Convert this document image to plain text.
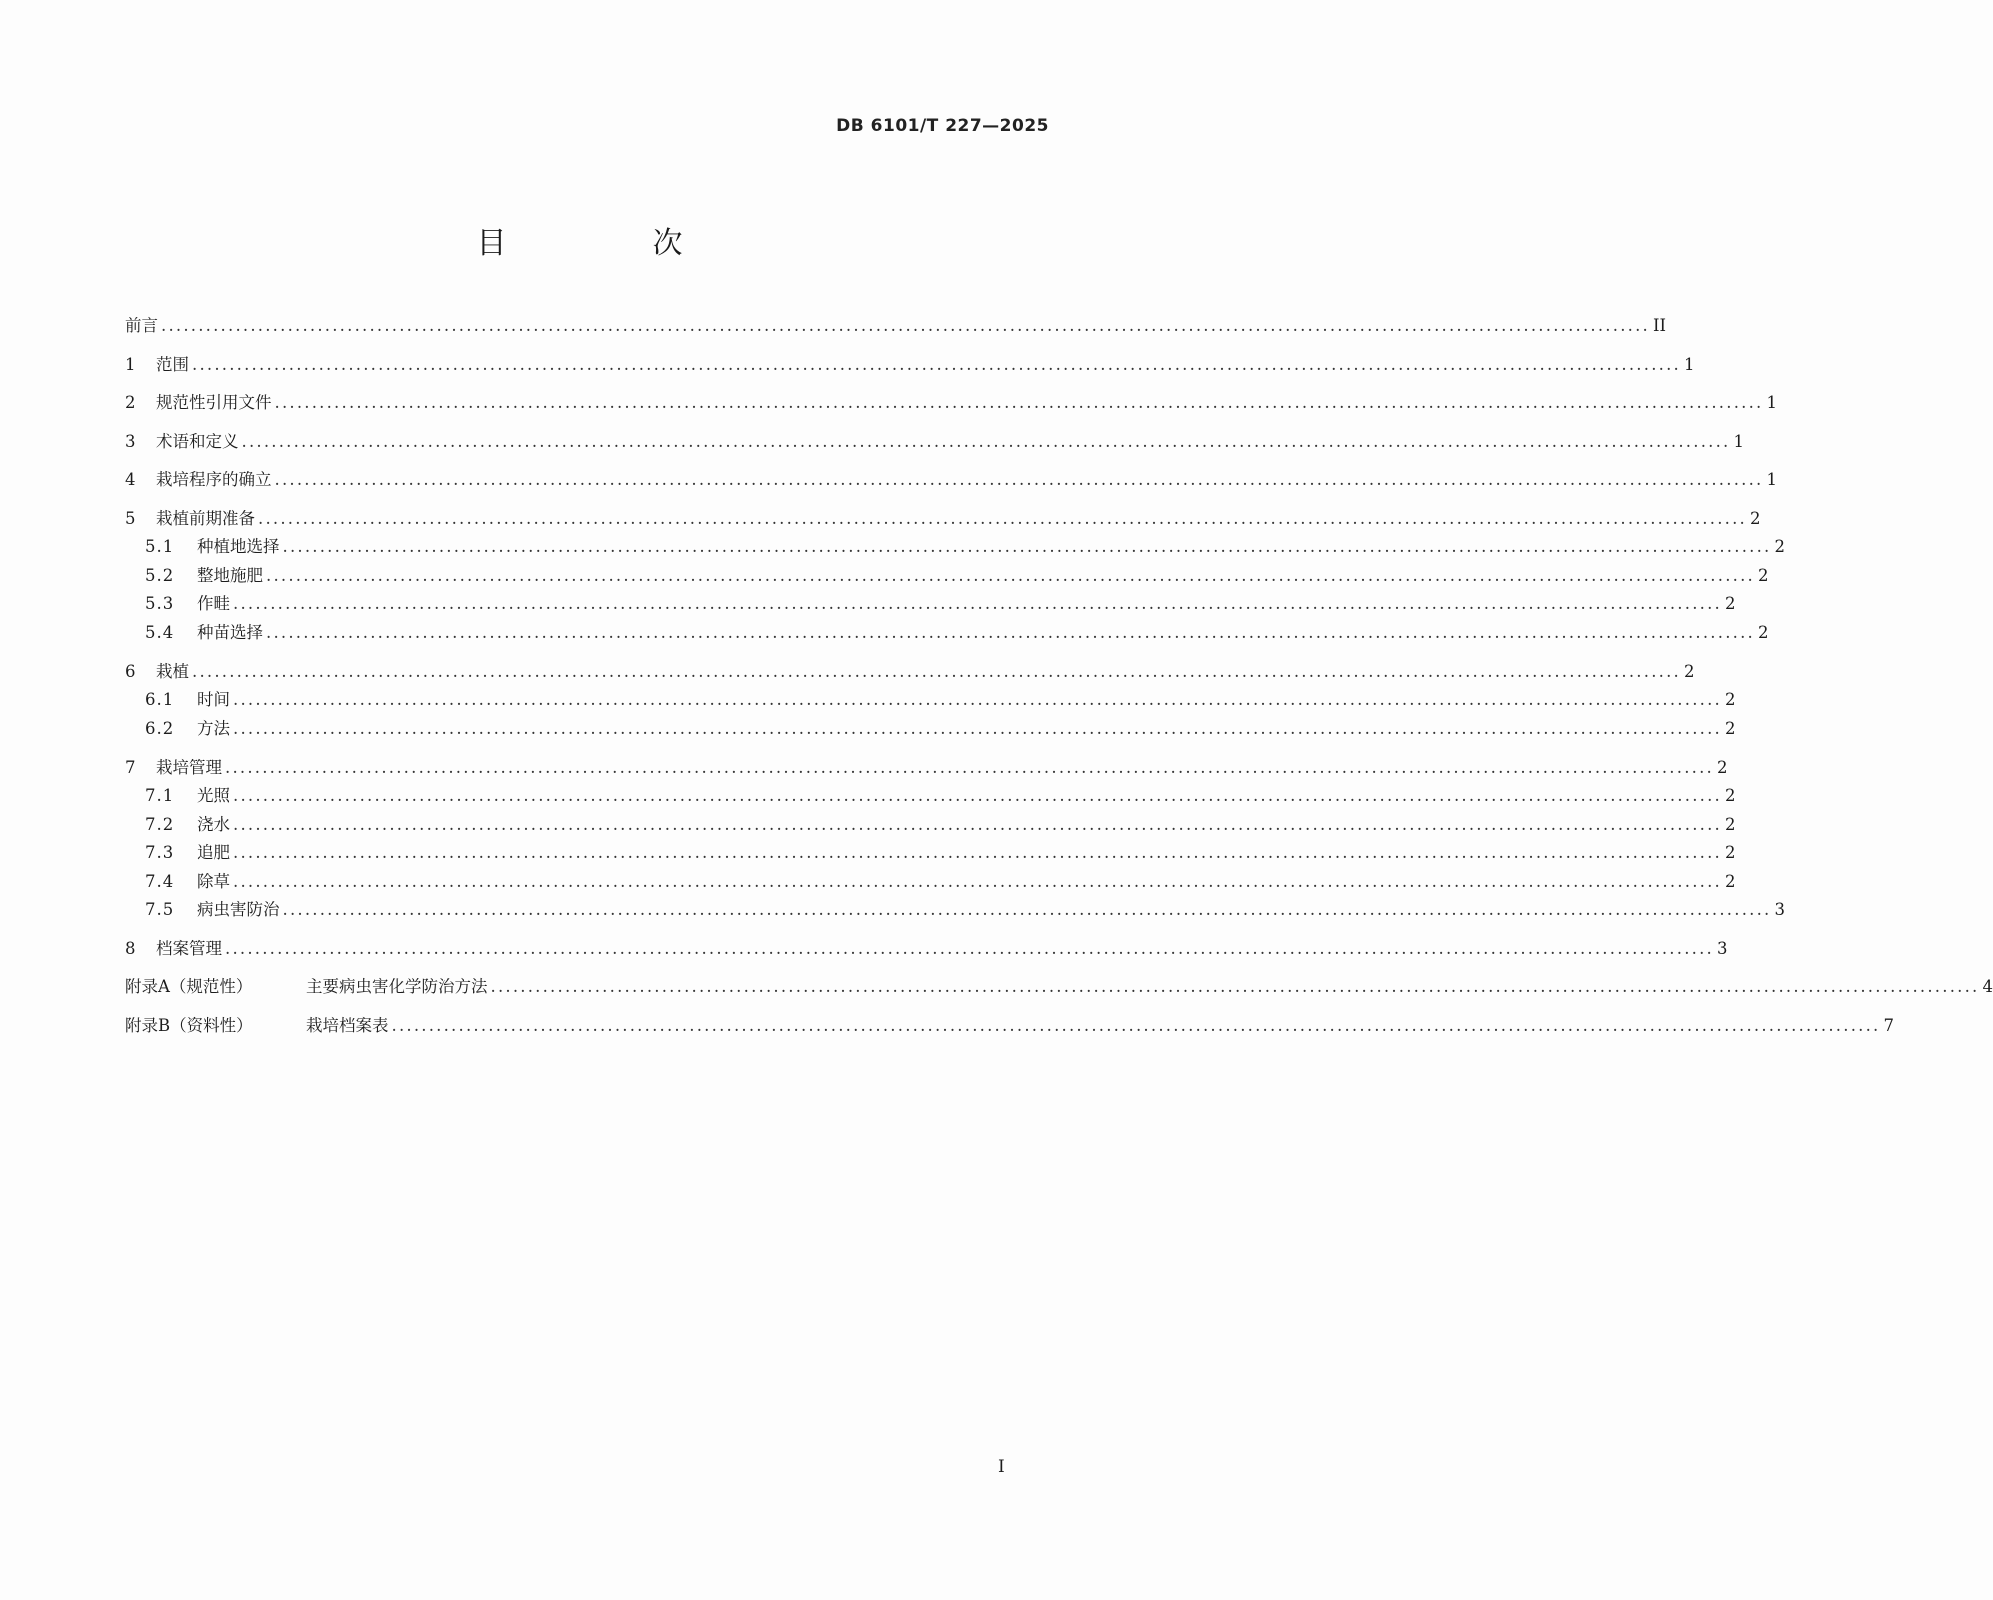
DB 6101/T 227—2025
目　次
前言 ........................................................................................................................................................................................................ II
1	范围 ........................................................................................................................................................................................................ 1
2	规范性引用文件 ........................................................................................................................................................................................................ 1
3	术语和定义 ........................................................................................................................................................................................................ 1
4	栽培程序的确立 ........................................................................................................................................................................................................ 1
5	栽植前期准备 ........................................................................................................................................................................................................ 2
5.1	种植地选择 ........................................................................................................................................................................................................ 2
5.2	整地施肥 ........................................................................................................................................................................................................ 2
5.3	作畦 ........................................................................................................................................................................................................ 2
5.4	种苗选择 ........................................................................................................................................................................................................ 2
6	栽植 ........................................................................................................................................................................................................ 2
6.1	时间 ........................................................................................................................................................................................................ 2
6.2	方法 ........................................................................................................................................................................................................ 2
7	栽培管理 ........................................................................................................................................................................................................ 2
7.1	光照 ........................................................................................................................................................................................................ 2
7.2	浇水 ........................................................................................................................................................................................................ 2
7.3	追肥 ........................................................................................................................................................................................................ 2
7.4	除草 ........................................................................................................................................................................................................ 2
7.5	病虫害防治 ........................................................................................................................................................................................................ 3
8	档案管理 ........................................................................................................................................................................................................ 3
附录A（规范性）	主要病虫害化学防治方法 ........................................................................................................................................................................................................ 4
附录B（资料性）	栽培档案表 ........................................................................................................................................................................................................ 7
I
